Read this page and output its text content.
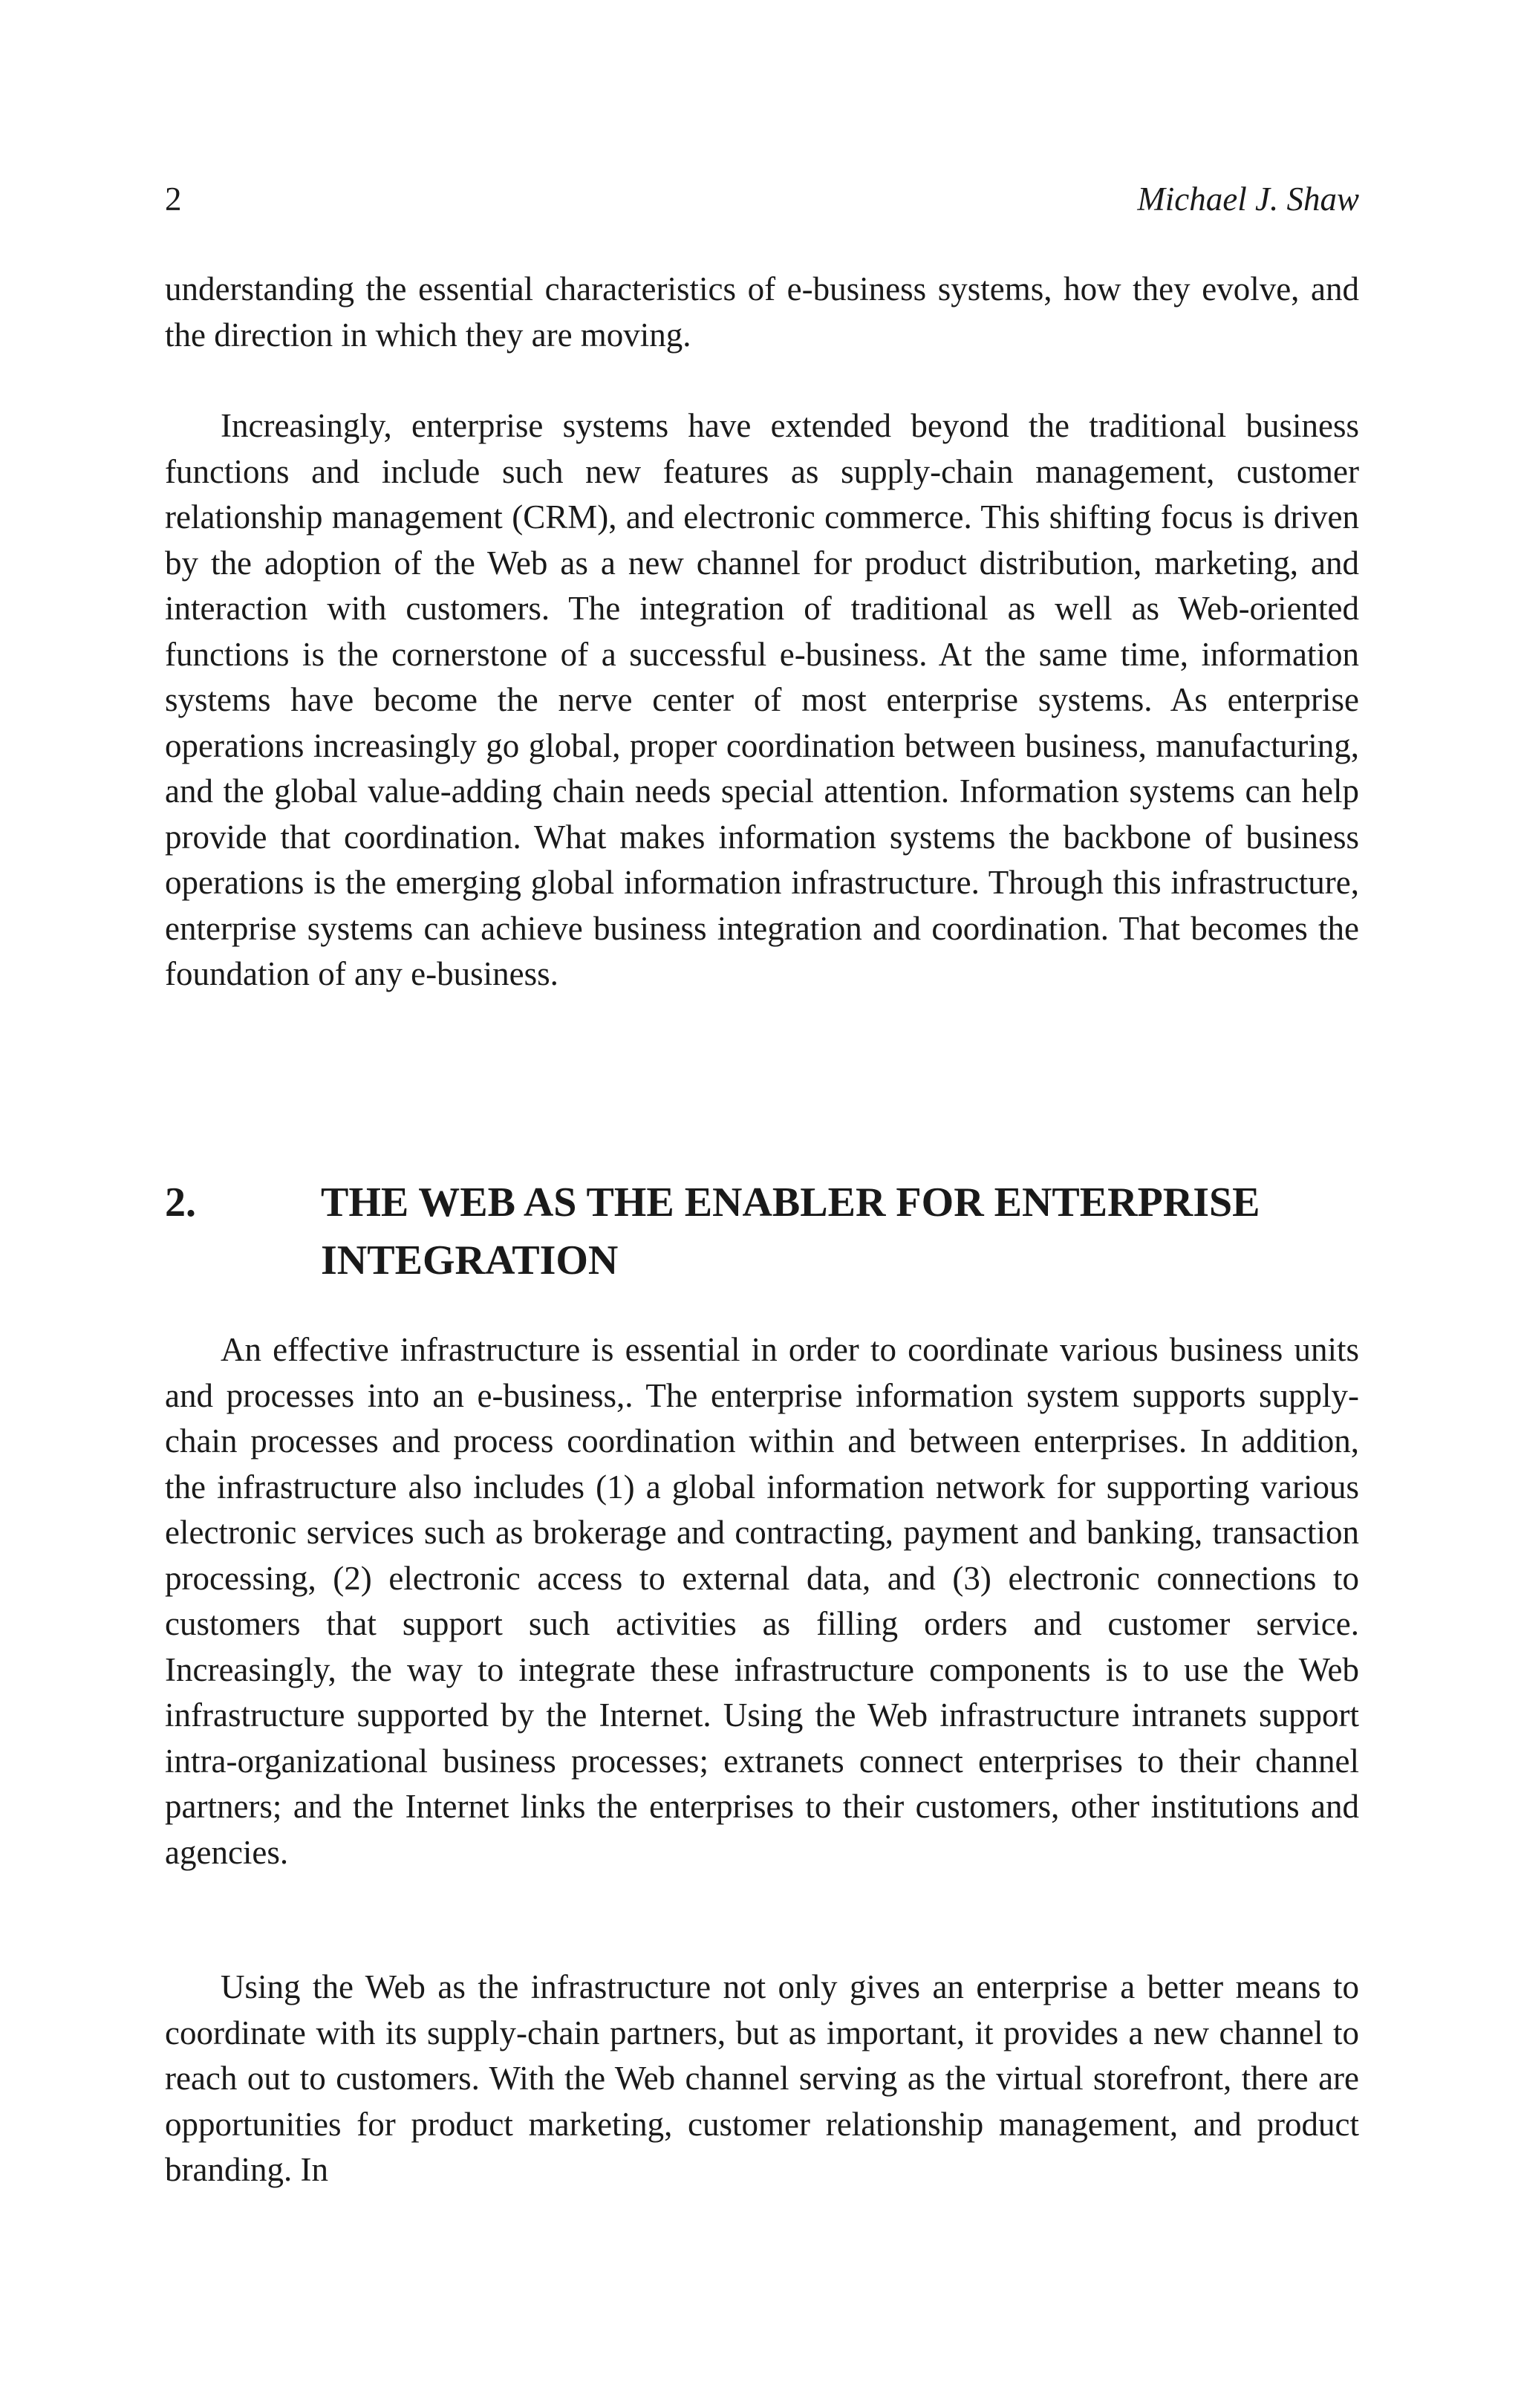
2	Michael J. Shaw

understanding the essential characteristics of e-business systems, how they evolve, and the direction in which they are moving.

Increasingly, enterprise systems have extended beyond the traditional business functions and include such new features as supply-chain management, customer relationship management (CRM), and electronic commerce. This shifting focus is driven by the adoption of the Web as a new channel for product distribution, marketing, and interaction with customers. The integration of traditional as well as Web-oriented functions is the cornerstone of a successful e-business. At the same time, information systems have become the nerve center of most enterprise systems. As enterprise operations increasingly go global, proper coordination between business, manufacturing, and the global value-adding chain needs special attention. Information systems can help provide that coordination. What makes information systems the backbone of business operations is the emerging global information infrastructure. Through this infrastructure, enterprise systems can achieve business integration and coordination. That becomes the foundation of any e-business.

2.	THE WEB AS THE ENABLER FOR ENTERPRISE INTEGRATION

An effective infrastructure is essential in order to coordinate various business units and processes into an e-business,. The enterprise information system supports supply-chain processes and process coordination within and between enterprises. In addition, the infrastructure also includes (1) a global information network for supporting various electronic services such as brokerage and contracting, payment and banking, transaction processing, (2) electronic access to external data, and (3) electronic connections to customers that support such activities as filling orders and customer service. Increasingly, the way to integrate these infrastructure components is to use the Web infrastructure supported by the Internet. Using the Web infrastructure intranets support intra-organizational business processes; extranets connect enterprises to their channel partners; and the Internet links the enterprises to their customers, other institutions and agencies.

Using the Web as the infrastructure not only gives an enterprise a better means to coordinate with its supply-chain partners, but as important, it provides a new channel to reach out to customers. With the Web channel serving as the virtual storefront, there are opportunities for product marketing, customer relationship management, and product branding. In
